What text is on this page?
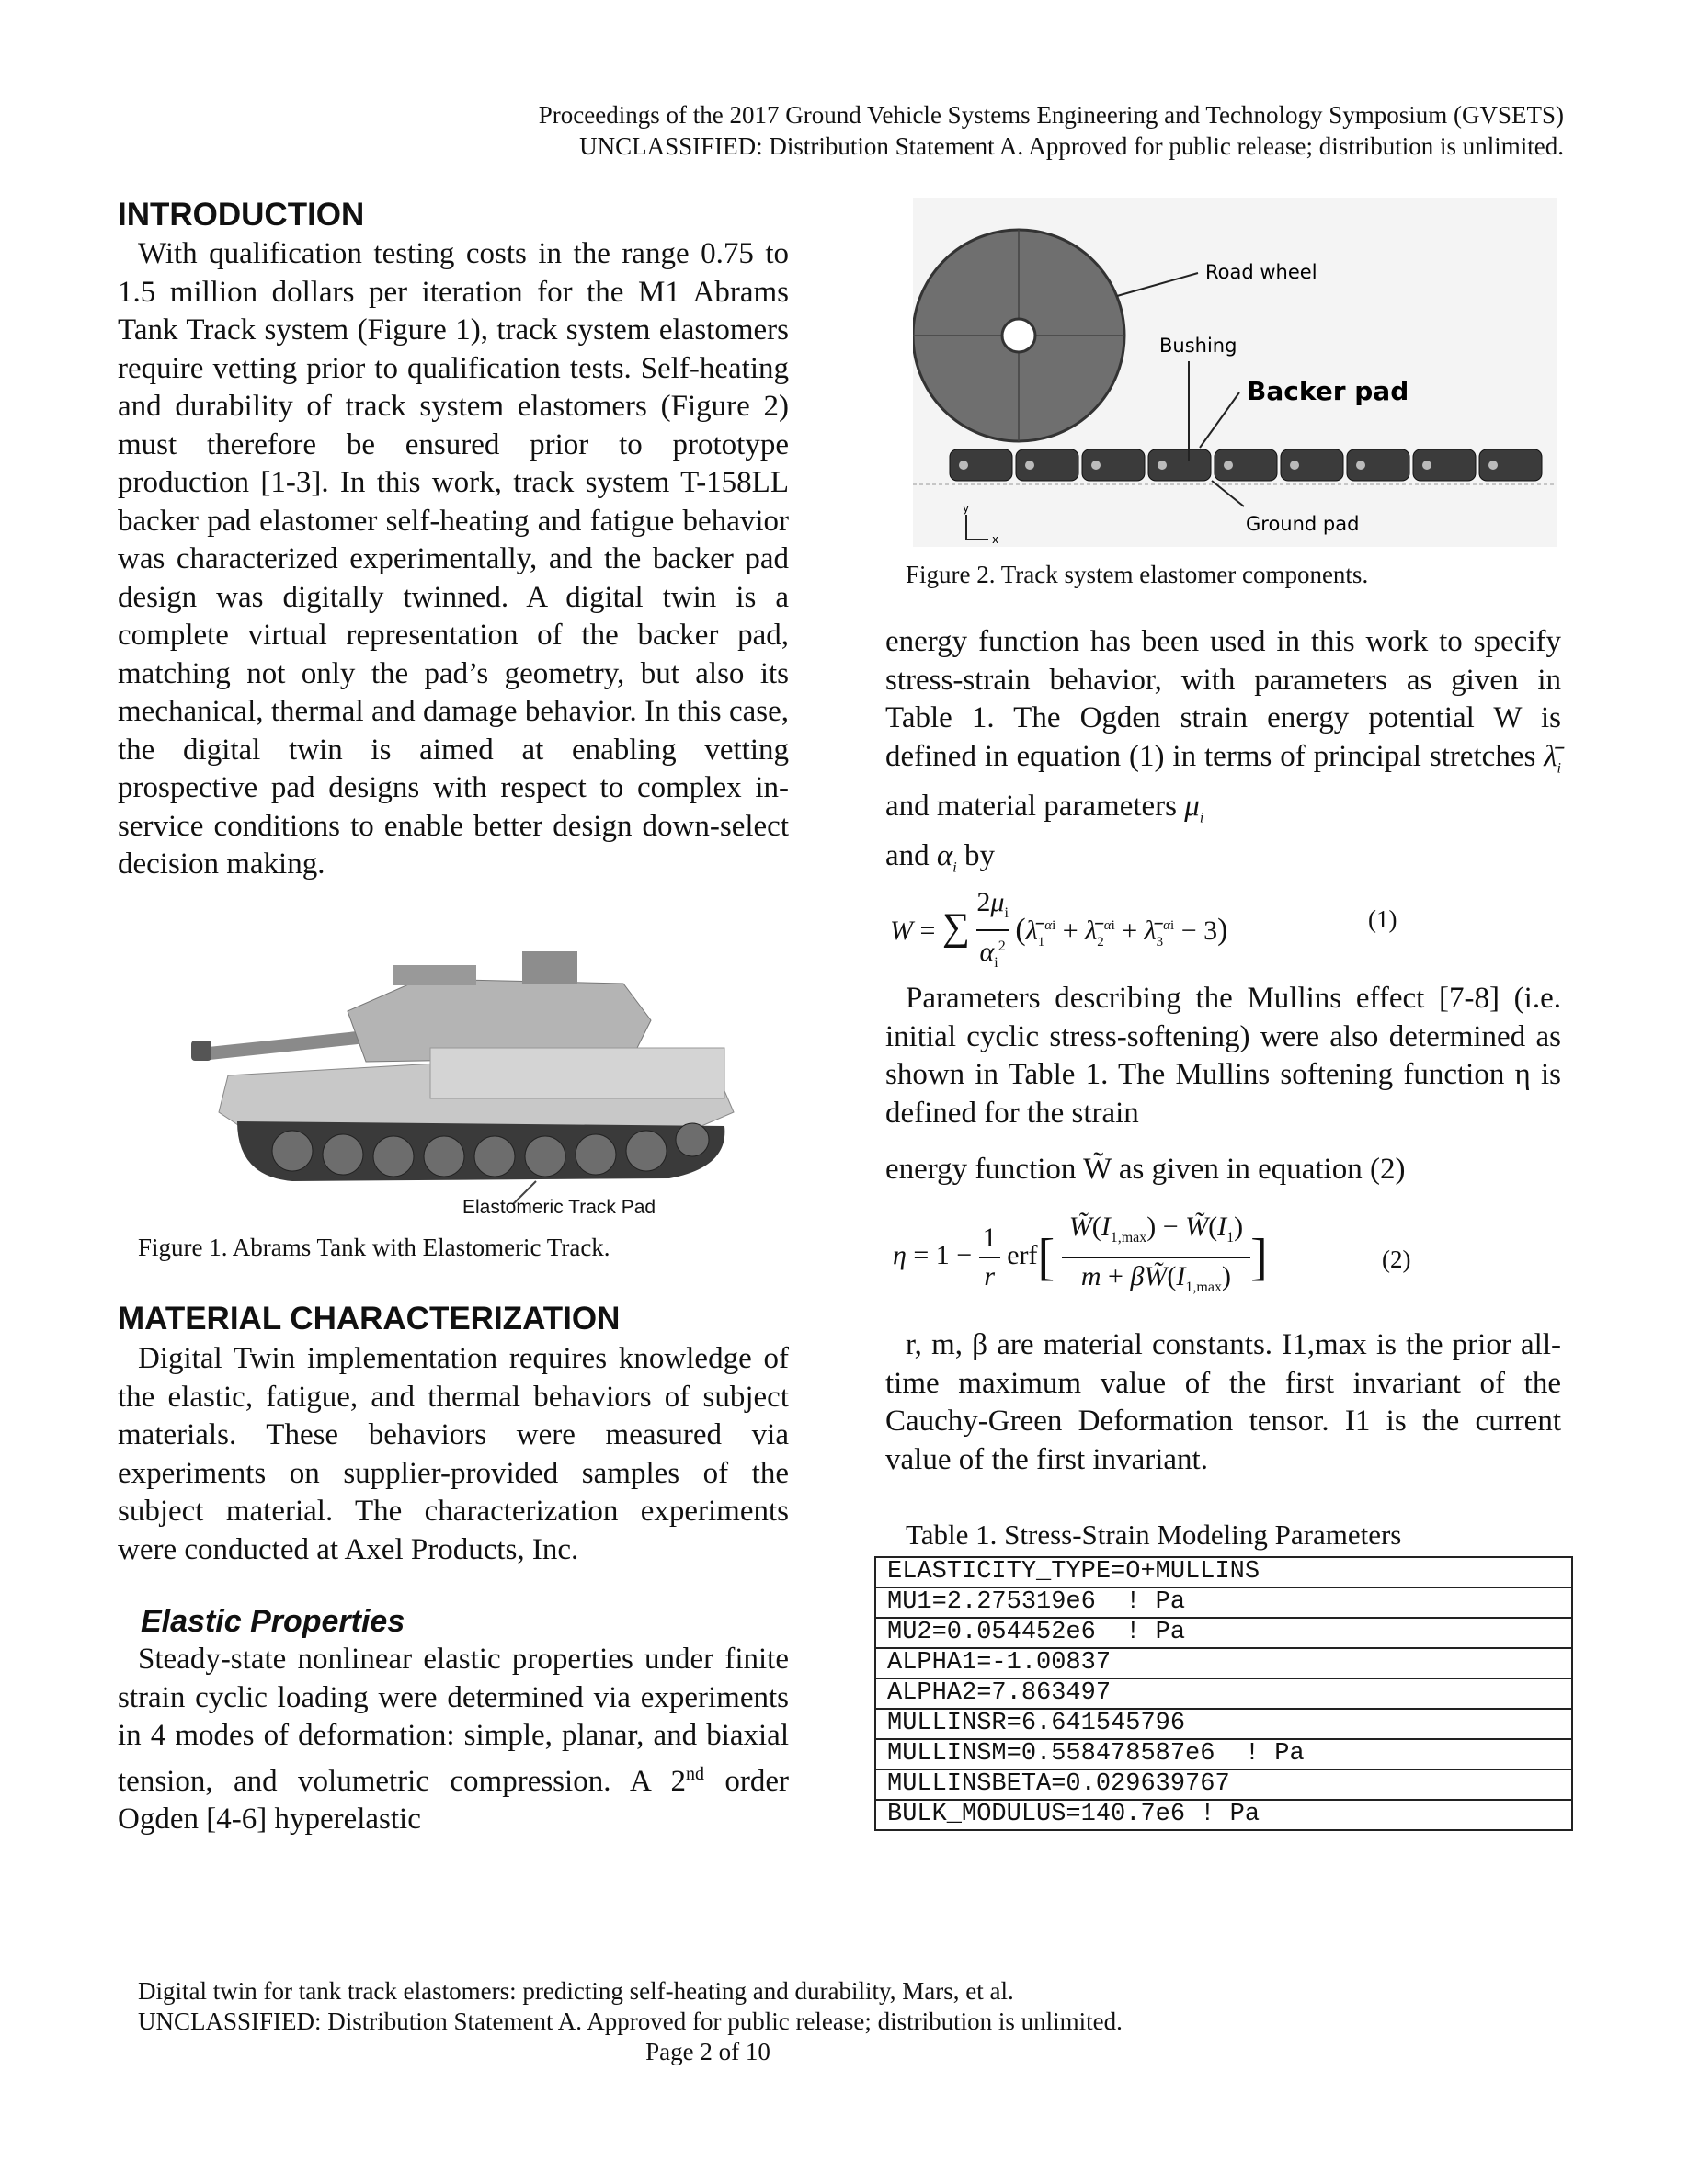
Proceedings of the 2017 Ground Vehicle Systems Engineering and Technology Symposium (GVSETS)
UNCLASSIFIED: Distribution Statement A. Approved for public release; distribution is unlimited.
INTRODUCTION

With qualification testing costs in the range 0.75 to 1.5 million dollars per iteration for the M1 Abrams Tank Track system (Figure 1), track system elastomers require vetting prior to qualification tests. Self-heating and durability of track system elastomers (Figure 2) must therefore be ensured prior to prototype production [1-3]. In this work, track system T-158LL backer pad elastomer self-heating and fatigue behavior was characterized experimentally, and the backer pad design was digitally twinned. A digital twin is a complete virtual representation of the backer pad, matching not only the pad’s geometry, but also its mechanical, thermal and damage behavior. In this case, the digital twin is aimed at enabling vetting prospective pad designs with respect to complex in-service conditions to enable better design down-select decision making.

Elastomeric Track Pad
Figure 1. Abrams Tank with Elastomeric Track.
MATERIAL CHARACTERIZATION

Digital Twin implementation requires knowledge of the elastic, fatigue, and thermal behaviors of subject materials. These behaviors were measured via experiments on supplier-provided samples of the subject material. The characterization experiments were conducted at Axel Products, Inc.

Elastic Properties

Steady-state nonlinear elastic properties under finite strain cyclic loading were determined via experiments in 4 modes of deformation: simple, planar, and biaxial tension, and volumetric compression. A 2nd order Ogden [4-6] hyperelastic

Road wheel
Bushing
Backer pad
Ground pad
y
x
Figure 2. Track system elastomer components.

energy function has been used in this work to specify stress-strain behavior, with parameters as given in Table 1. The Ogden strain energy potential W is defined in equation (1) in terms of principal stretches $\lambdā_i$ and material parameters $\mu_i$
and $\alpha_i$ by

W = ∑
$2\mu_i$
$\alpha_i^2$ ($\lambdā_1^{\alpha i}$ + $\lambdā_2^{\alpha i}$ + $\lambdā_3^{\alpha i} - 3$)	(1)

Parameters describing the Mullins effect [7-8] (i.e. initial cyclic stress-softening) were also determined as shown in Table 1. The Mullins softening function η is defined for the strain

energy function W̃ as given in equation (2)

$\eta = 1 - \frac{1}{r} erf$[
$W̃(I_{1,max})$ − $W̃(I_1)$
$m + \beta W̃(I_{1,max})$ ]	(2)

r, m, β are material constants. I1,max is the prior all-time maximum value of the first invariant of the Cauchy-Green Deformation tensor. I1 is the current value of the first invariant.

Table 1. Stress-Strain Modeling Parameters
ELASTICITY_TYPE=O+MULLINS
MU1=2.275319e6  ! Pa
MU2=0.054452e6  ! Pa
ALPHA1=-1.00837
ALPHA2=7.863497
MULLINSR=6.641545796
MULLINSM=0.558478587e6  ! Pa
MULLINSBETA=0.029639767
BULK_MODULUS=140.7e6 ! Pa
Digital twin for tank track elastomers: predicting self-heating and durability, Mars, et al.
UNCLASSIFIED: Distribution Statement A. Approved for public release; distribution is unlimited.
Page 2 of 10
